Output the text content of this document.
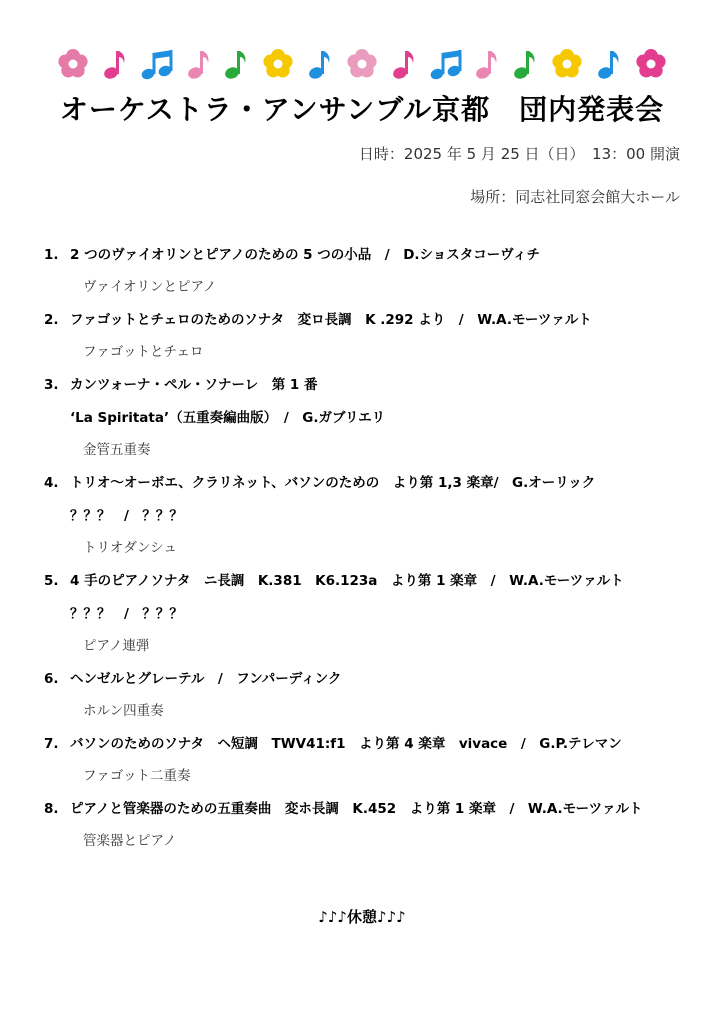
オーケストラ・アンサンブル京都　団内発表会
日時：2025 年 5 月 25 日（日）　13：00 開演
場所：同志社同窓会館大ホール
1. 2 つのヴァイオリンとピアノのための 5 つの小品　/　D.ショスタコーヴィチ
ヴァイオリンとピアノ
2. ファゴットとチェロのためのソナタ　変ロ長調　K .292 より　/　W.A.モーツァルト
ファゴットとチェロ
3. カンツォーナ・ペル・ソナーレ　第 1 番
‘La Spiritata’（五重奏編曲版）　/　G.ガブリエリ
金管五重奏
4. トリオ〜オーボエ、クラリネット、バソンのための　より第 1,3 楽章/　G.オーリック
？？？　/　？？？
トリオダンシュ
5. 4 手のピアノソナタ　ニ長調　K.381　K6.123a　より第 1 楽章　/　W.A.モーツァルト
？？？　/　？？？
ピアノ連弾
6. ヘンゼルとグレーテル　/　フンパーディンク
ホルン四重奏
7. バソンのためのソナタ　ヘ短調　TWV41:f1　より第 4 楽章　vivace　/　G.P.テレマン
ファゴット二重奏
8. ピアノと管楽器のための五重奏曲　変ホ長調　K.452　より第 1 楽章　/　W.A.モーツァルト
管楽器とピアノ
♪♪♪休憩♪♪♪
